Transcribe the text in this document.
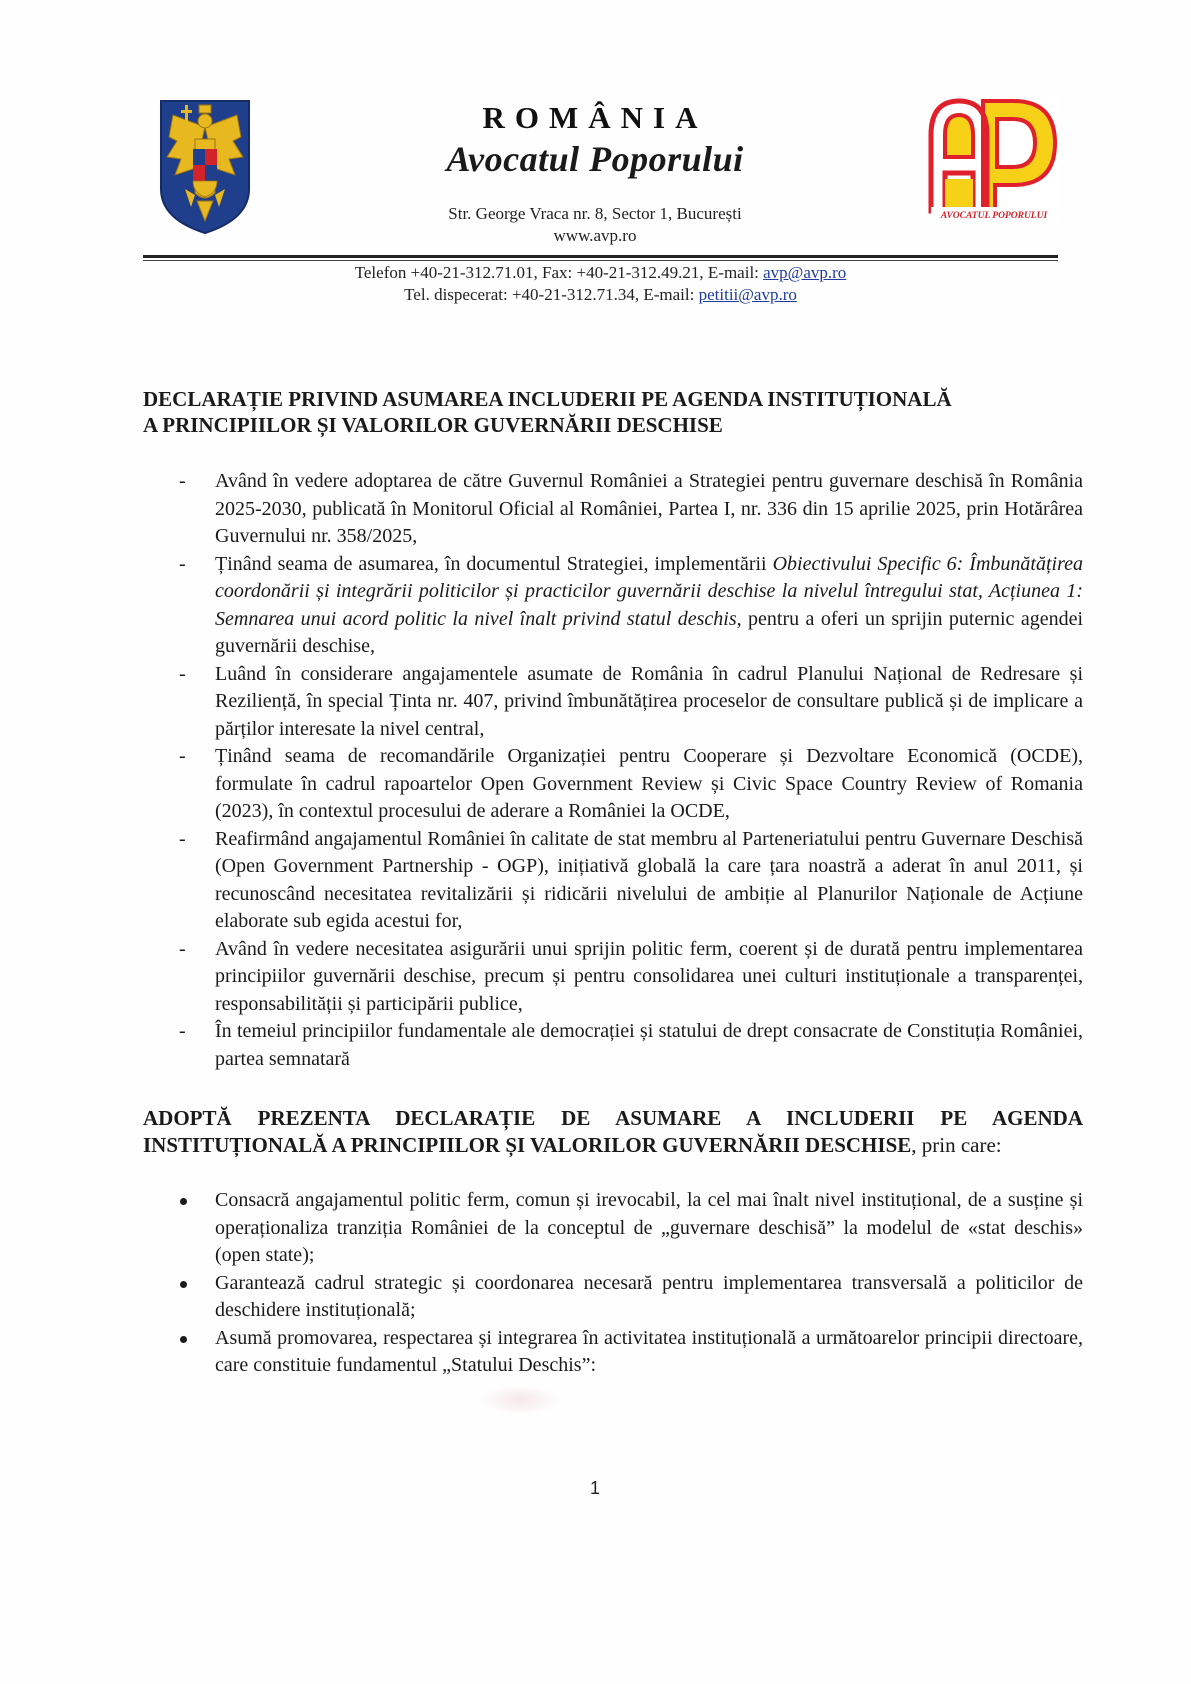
ROMÂNIA
Avocatul Poporului
Str. George Vraca nr. 8, Sector 1, București
www.avp.ro
AVOCATUL POPORULUI
Telefon +40-21-312.71.01, Fax: +40-21-312.49.21, E-mail: avp@avp.ro
Tel. dispecerat: +40-21-312.71.34, E-mail: petitii@avp.ro
DECLARAȚIE PRIVIND ASUMAREA INCLUDERII PE AGENDA INSTITUȚIONALĂ
A PRINCIPIILOR ȘI VALORILOR GUVERNĂRII DESCHISE
- Având în vedere adoptarea de către Guvernul României a Strategiei pentru guvernare deschisă în România 2025-2030, publicată în Monitorul Oficial al României, Partea I, nr. 336 din 15 aprilie 2025, prin Hotărârea Guvernului nr. 358/2025,
- Ținând seama de asumarea, în documentul Strategiei, implementării Obiectivului Specific 6: Îmbunătățirea coordonării și integrării politicilor și practicilor guvernării deschise la nivelul întregului stat, Acțiunea 1: Semnarea unui acord politic la nivel înalt privind statul deschis, pentru a oferi un sprijin puternic agendei guvernării deschise,
- Luând în considerare angajamentele asumate de România în cadrul Planului Național de Redresare și Reziliență, în special Ținta nr. 407, privind îmbunătățirea proceselor de consultare publică și de implicare a părților interesate la nivel central,
- Ținând seama de recomandările Organizației pentru Cooperare și Dezvoltare Economică (OCDE), formulate în cadrul rapoartelor Open Government Review și Civic Space Country Review of Romania (2023), în contextul procesului de aderare a României la OCDE,
- Reafirmând angajamentul României în calitate de stat membru al Parteneriatului pentru Guvernare Deschisă (Open Government Partnership - OGP), inițiativă globală la care țara noastră a aderat în anul 2011, și recunoscând necesitatea revitalizării și ridicării nivelului de ambiție al Planurilor Naționale de Acțiune elaborate sub egida acestui for,
- Având în vedere necesitatea asigurării unui sprijin politic ferm, coerent și de durată pentru implementarea principiilor guvernării deschise, precum și pentru consolidarea unei culturi instituționale a transparenței, responsabilității și participării publice,
- În temeiul principiilor fundamentale ale democrației și statului de drept consacrate de Constituția României, partea semnatară
ADOPTĂ PREZENTA DECLARAȚIE DE ASUMARE A INCLUDERII PE AGENDA INSTITUȚIONALĂ A PRINCIPIILOR ȘI VALORILOR GUVERNĂRII DESCHISE, prin care:
Consacră angajamentul politic ferm, comun și irevocabil, la cel mai înalt nivel instituțional, de a susține și operaționaliza tranziția României de la conceptul de „guvernare deschisă” la modelul de «stat deschis» (open state);
Garantează cadrul strategic și coordonarea necesară pentru implementarea transversală a politicilor de deschidere instituțională;
Asumă promovarea, respectarea și integrarea în activitatea instituțională a următoarelor principii directoare, care constituie fundamentul „Statului Deschis”:
1
